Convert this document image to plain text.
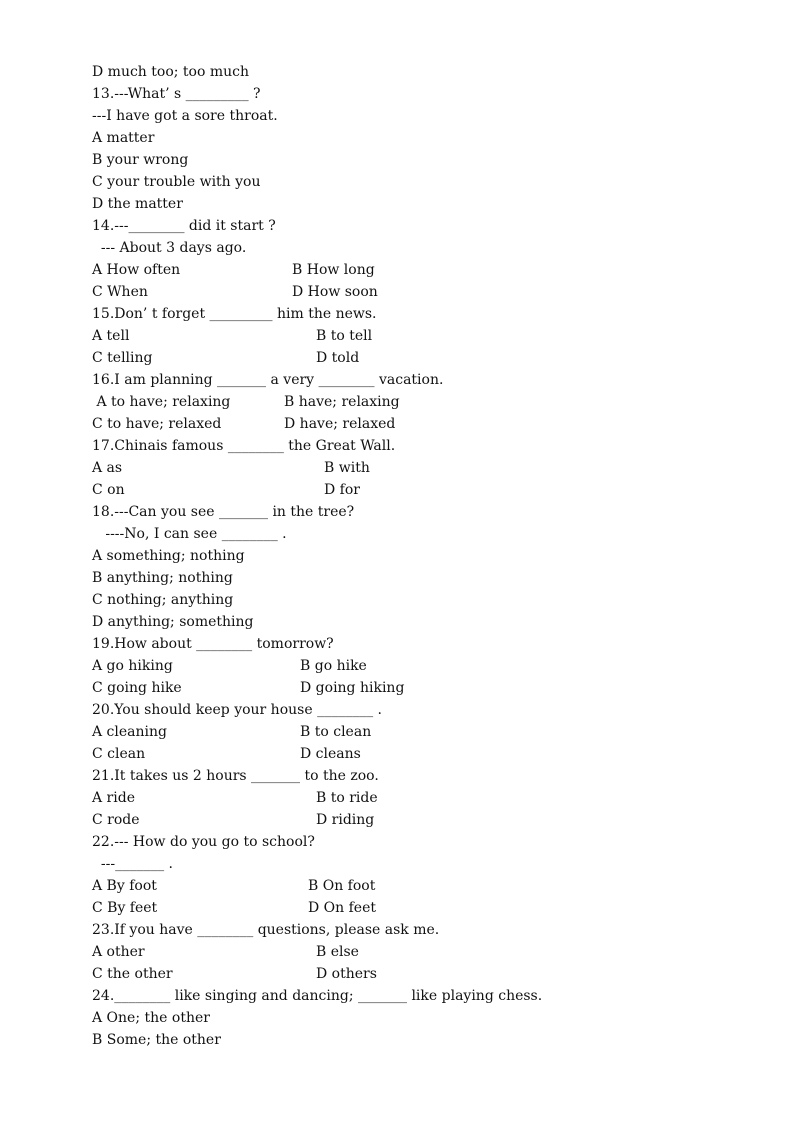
D much too; too much
13.---What’ s _________ ?
---I have got a sore throat.
A matter
B your wrong
C your trouble with you
D the matter
14.---________ did it start ?
--- About 3 days ago.
A How often	B How long
C When	D How soon
15.Don’ t forget _________ him the news.
A tell	B to tell
C telling	D told
16.I am planning _______ a very ________ vacation.
A to have; relaxing	B have; relaxing
C to have; relaxed	D have; relaxed
17.Chinais famous ________ the Great Wall.
A as	B with
C on	D for
18.---Can you see _______ in the tree?
----No, I can see ________ .
A something; nothing
B anything; nothing
C nothing; anything
D anything; something
19.How about ________ tomorrow?
A go hiking	B go hike
C going hike	D going hiking
20.You should keep your house ________ .
A cleaning	B to clean
C clean	D cleans
21.It takes us 2 hours _______ to the zoo.
A ride	B to ride
C rode	D riding
22.--- How do you go to school?
---_______ .
A By foot	B On foot
C By feet	D On feet
23.If you have ________ questions, please ask me.
A other	B else
C the other	D others
24.________ like singing and dancing; _______ like playing chess.
A One; the other
B Some; the other
